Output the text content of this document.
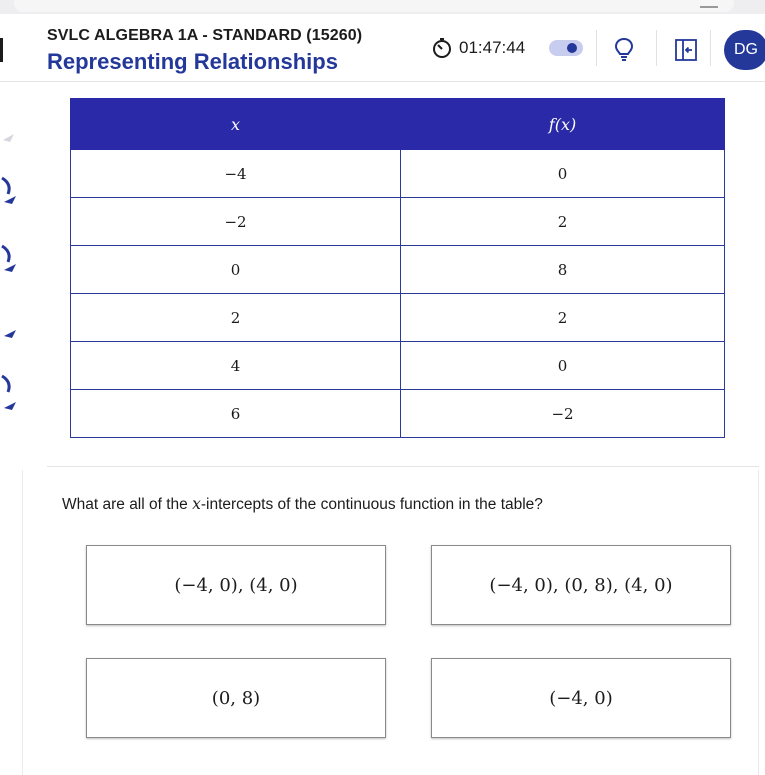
SVLC ALGEBRA 1A - STANDARD (15260)
Representing Relationships
01:47:44	DG
x	f(x)
−4	0
−2	2
0	8
2	2
4	0
6	−2
What are all of the x-intercepts of the continuous function in the table?
(−4, 0), (4, 0)	(−4, 0), (0, 8), (4, 0)
(0, 8)	(−4, 0)
